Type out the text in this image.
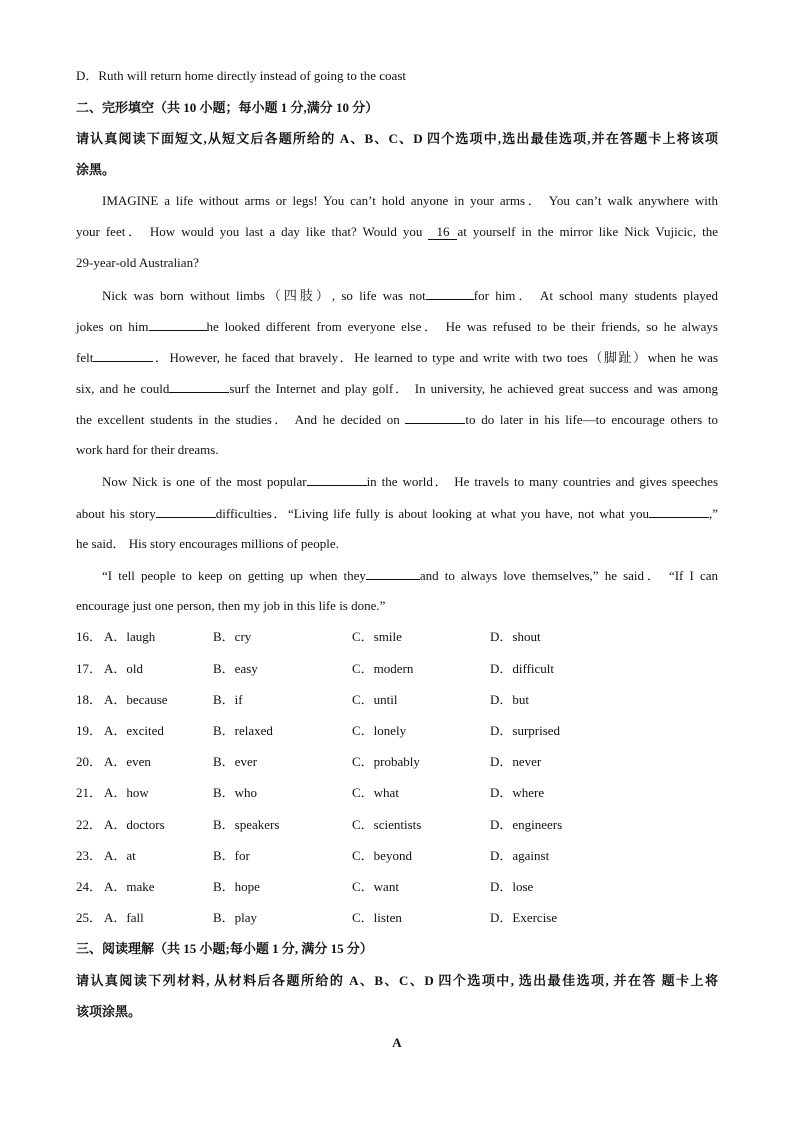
D．Ruth will return home directly instead of going to the coast
二、完形填空（共 10 小题；每小题 1 分,满分 10 分）
请认真阅读下面短文,从短文后各题所给的 A、B、C、D 四个选项中,选出最佳选项,并在答题卡上将该项
涂黑。
IMAGINE a life without arms or legs! You can’t hold anyone in your arms． You can’t walk anywhere with
your feet． How would you last a day like that? Would you 16 at yourself in the mirror like Nick Vujicic, the
29-year-old Australian?
Nick was born without limbs（四肢）, so life was not	for him． At school many students played
jokes on him	he looked different from everyone else． He was refused to be their friends, so he always
felt	．However, he faced that bravely．He learned to type and write with two toes（脚趾）when he was
six, and he could	surf the Internet and play golf． In university, he achieved great success and was among
the excellent students in the studies． And he decided on	to do later in his life—to encourage others to
work hard for their dreams.
Now Nick is one of the most popular	in the world． He travels to many countries and gives speeches
about his story	difficulties．“Living life fully is about looking at what you have, not what you	,”
he said． His story encourages millions of people.
“I tell people to keep on getting up when they	and to always love themselves,” he said． “If I can
encourage just one person, then my job in this life is done.”
16． A．laugh	B．cry	C．smile	D．shout
17． A．old	B．easy	C．modern	D．difficult
18． A．because	B．if	C．until	D．but
19． A．excited	B．relaxed	C．lonely	D．surprised
20． A．even	B．ever	C．probably	D．never
21． A．how	B．who	C．what	D．where
22． A．doctors	B．speakers	C．scientists	D．engineers
23． A．at	B．for	C．beyond	D．against
24． A．make	B．hope	C．want	D．lose
25． A．fall	B．play	C．listen	D．Exercise
三、阅读理解（共 15 小题;每小题 1 分, 满分 15 分）
请认真阅读下列材料, 从材料后各题所给的 A、B、C、D 四个选项中, 选出最佳选项, 并在答 题卡上将
该项涂黑。
A
